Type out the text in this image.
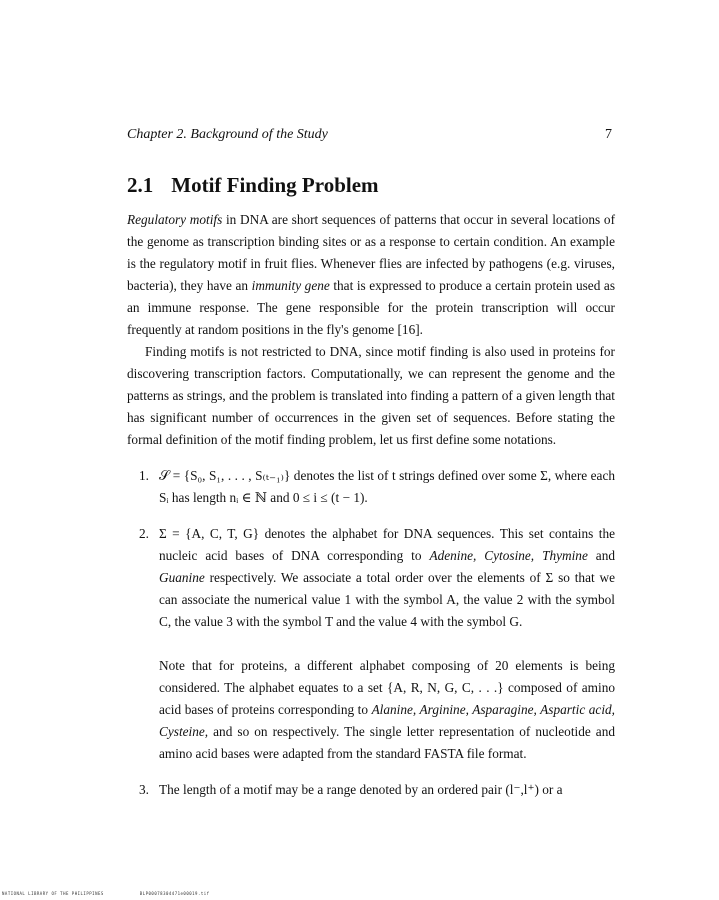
Chapter 2. Background of the Study	7
2.1 Motif Finding Problem

Regulatory motifs in DNA are short sequences of patterns that occur in several locations of the genome as transcription binding sites or as a response to certain condition. An example is the regulatory motif in fruit flies. Whenever flies are infected by pathogens (e.g. viruses, bacteria), they have an immunity gene that is expressed to produce a certain protein used as an immune response. The gene responsible for the protein transcription will occur frequently at random positions in the fly's genome [16].

Finding motifs is not restricted to DNA, since motif finding is also used in proteins for discovering transcription factors. Computationally, we can represent the genome and the patterns as strings, and the problem is translated into finding a pattern of a given length that has significant number of occurrences in the given set of sequences. Before stating the formal definition of the motif finding problem, let us first define some notations.

1. 𝒮 = {S₀, S₁, . . . , S₍ₜ₋₁₎} denotes the list of t strings defined over some Σ, where each Sᵢ has length nᵢ ∈ ℕ and 0 ≤ i ≤ (t − 1).
2. Σ = {A, C, T, G} denotes the alphabet for DNA sequences. This set contains the nucleic acid bases of DNA corresponding to Adenine, Cytosine, Thymine and Guanine respectively. We associate a total order over the elements of Σ so that we can associate the numerical value 1 with the symbol A, the value 2 with the symbol C, the value 3 with the symbol T and the value 4 with the symbol G.

Note that for proteins, a different alphabet composing of 20 elements is being considered. The alphabet equates to a set {A, R, N, G, C, . . .} composed of amino acid bases of proteins corresponding to Alanine, Arginine, Asparagine, Aspartic acid, Cysteine, and so on respectively. The single letter representation of nucleotide and amino acid bases were adapted from the standard FASTA file format.

3. The length of a motif may be a range denoted by an ordered pair (l⁻,l⁺) or a
NATIONAL LIBRARY OF THE PHILIPPINES	BLP00078304471e00019.tif
